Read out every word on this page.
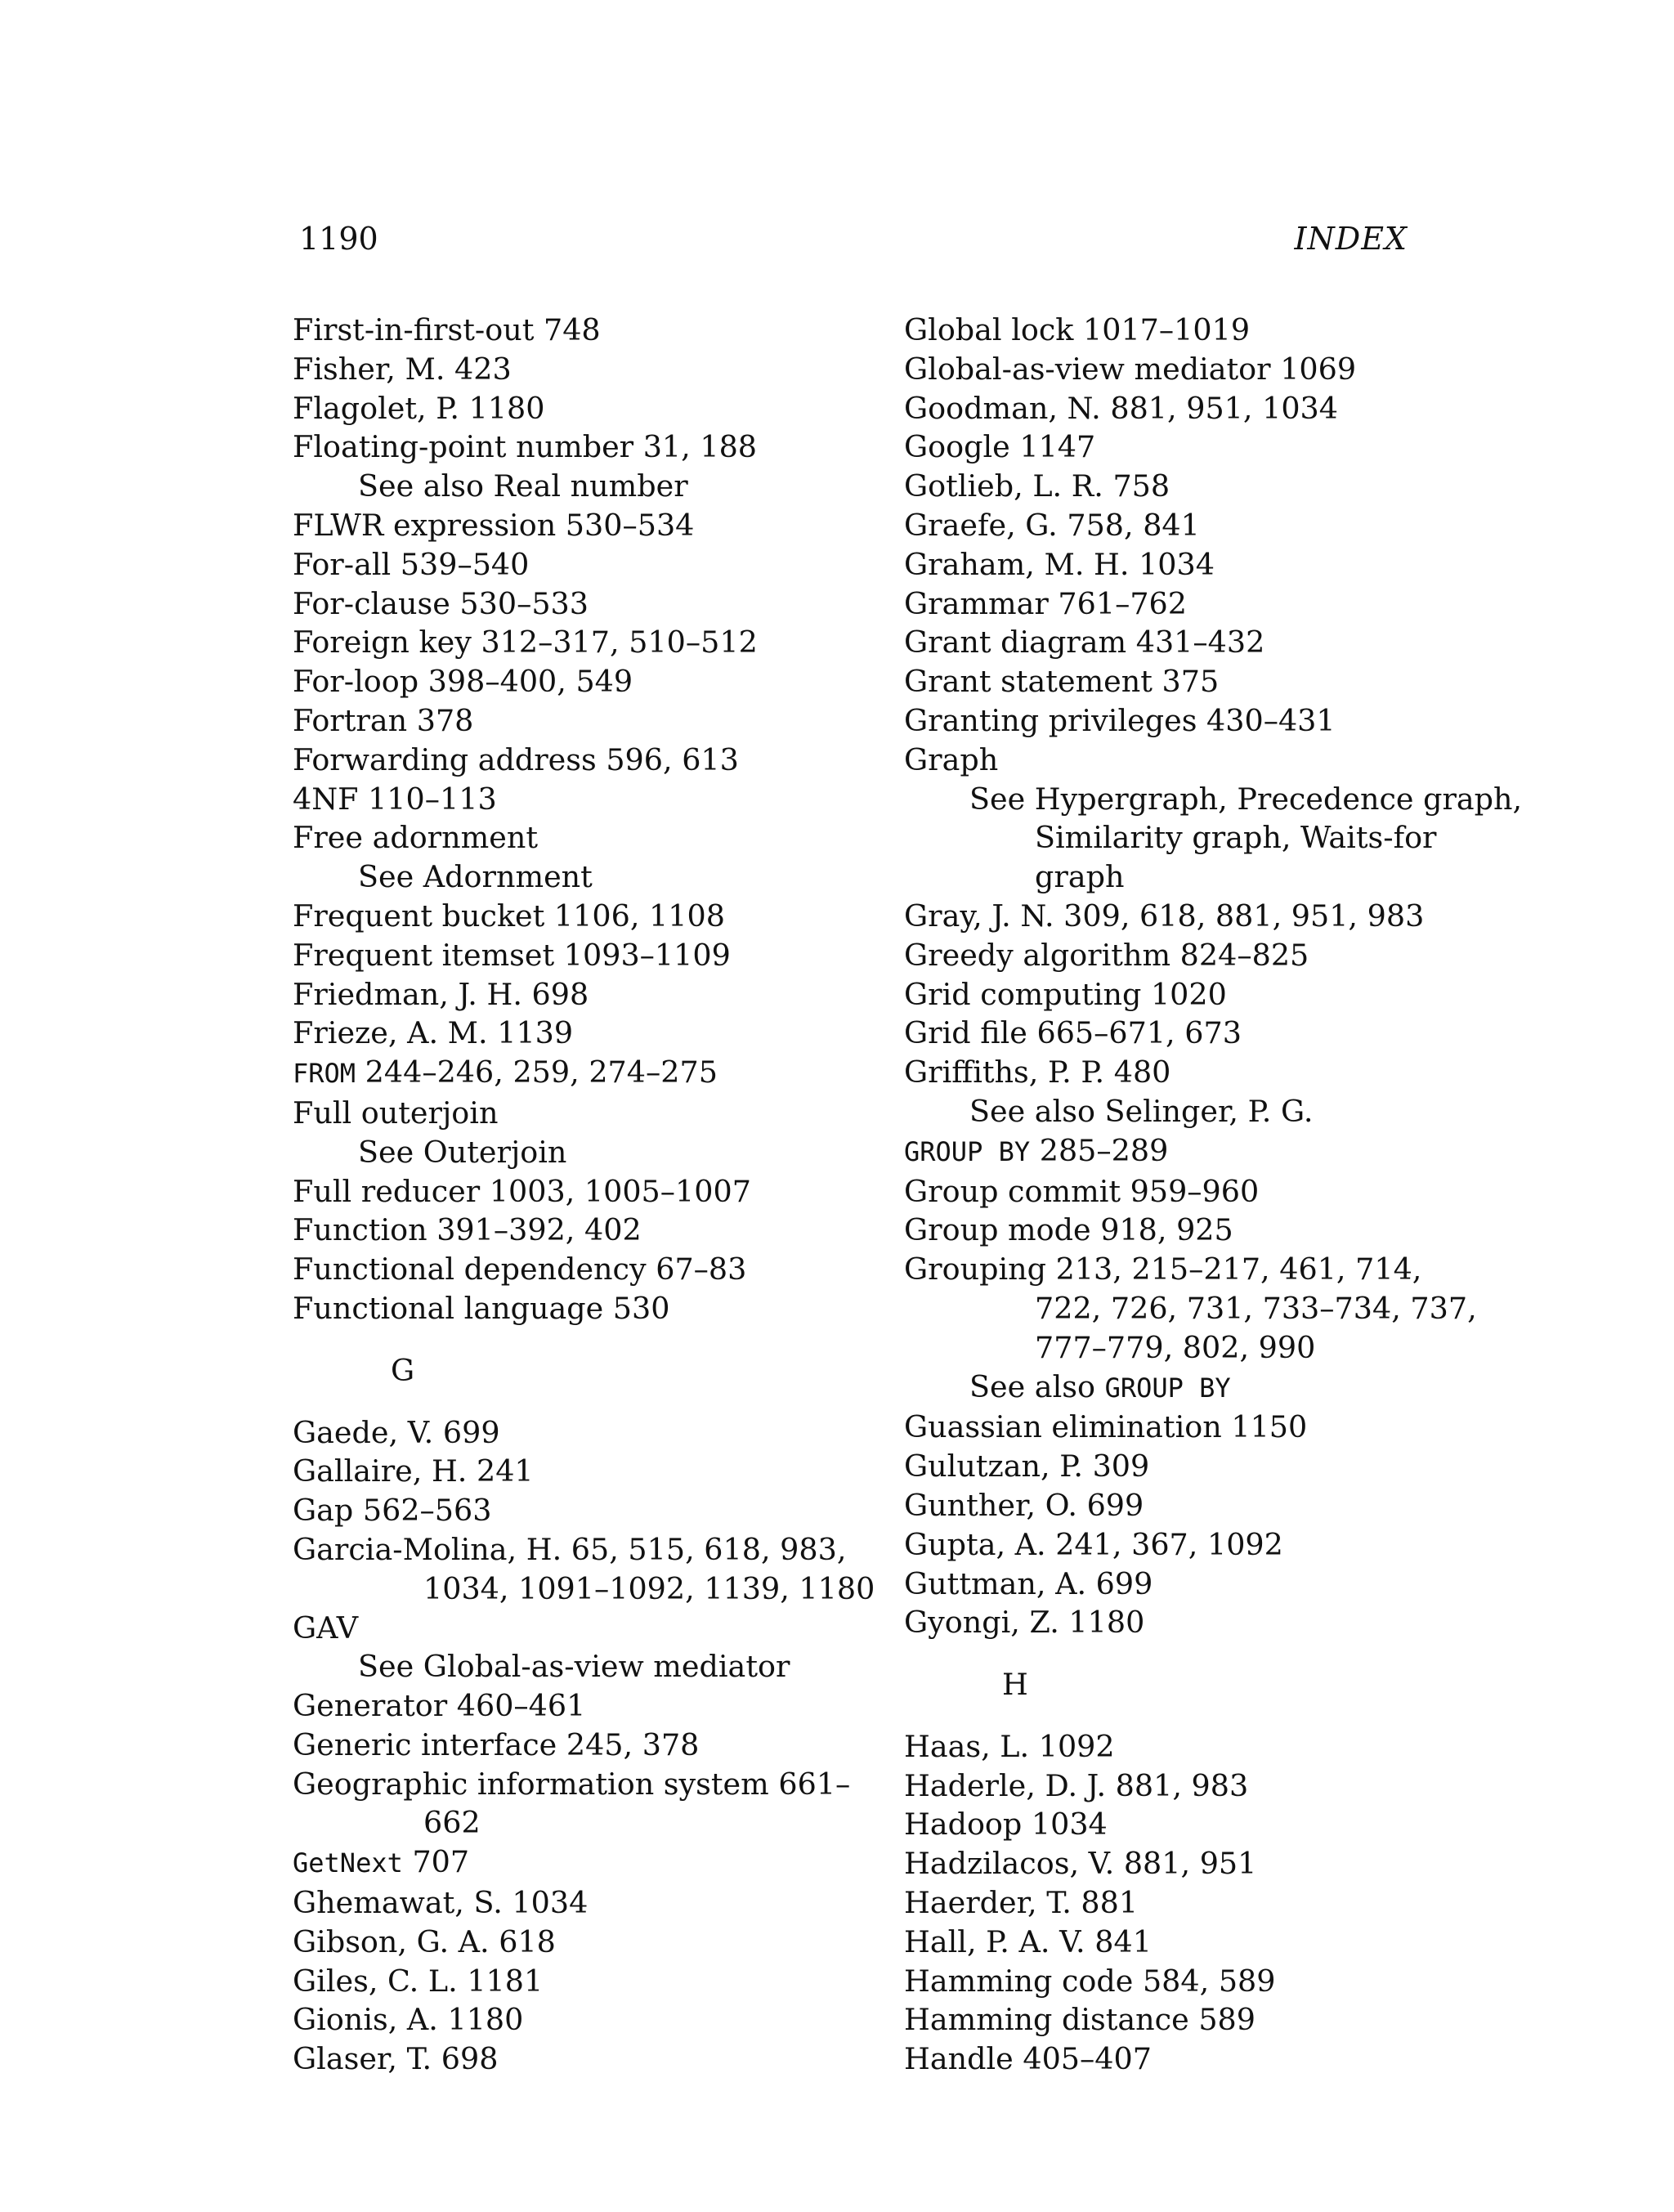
1190	INDEX
First-in-first-out 748
Fisher, M. 423
Flagolet, P. 1180
Floating-point number 31, 188
See also Real number
FLWR expression 530–534
For-all 539–540
For-clause 530–533
Foreign key 312–317, 510–512
For-loop 398–400, 549
Fortran 378
Forwarding address 596, 613
4NF 110–113
Free adornment
See Adornment
Frequent bucket 1106, 1108
Frequent itemset 1093–1109
Friedman, J. H. 698
Frieze, A. M. 1139
FROM 244–246, 259, 274–275
Full outerjoin
See Outerjoin
Full reducer 1003, 1005–1007
Function 391–392, 402
Functional dependency 67–83
Functional language 530
G
Gaede, V. 699
Gallaire, H. 241
Gap 562–563
Garcia-Molina, H. 65, 515, 618, 983,
1034, 1091–1092, 1139, 1180
GAV
See Global-as-view mediator
Generator 460–461
Generic interface 245, 378
Geographic information system 661–
662
GetNext 707
Ghemawat, S. 1034
Gibson, G. A. 618
Giles, C. L. 1181
Gionis, A. 1180
Glaser, T. 698
Global lock 1017–1019
Global-as-view mediator 1069
Goodman, N. 881, 951, 1034
Google 1147
Gotlieb, L. R. 758
Graefe, G. 758, 841
Graham, M. H. 1034
Grammar 761–762
Grant diagram 431–432
Grant statement 375
Granting privileges 430–431
Graph
See Hypergraph, Precedence graph,
Similarity graph, Waits-for
graph
Gray, J. N. 309, 618, 881, 951, 983
Greedy algorithm 824–825
Grid computing 1020
Grid file 665–671, 673
Griffiths, P. P. 480
See also Selinger, P. G.
GROUP BY 285–289
Group commit 959–960
Group mode 918, 925
Grouping 213, 215–217, 461, 714,
722, 726, 731, 733–734, 737,
777–779, 802, 990
See also GROUP BY
Guassian elimination 1150
Gulutzan, P. 309
Gunther, O. 699
Gupta, A. 241, 367, 1092
Guttman, A. 699
Gyongi, Z. 1180
H
Haas, L. 1092
Haderle, D. J. 881, 983
Hadoop 1034
Hadzilacos, V. 881, 951
Haerder, T. 881
Hall, P. A. V. 841
Hamming code 584, 589
Hamming distance 589
Handle 405–407
